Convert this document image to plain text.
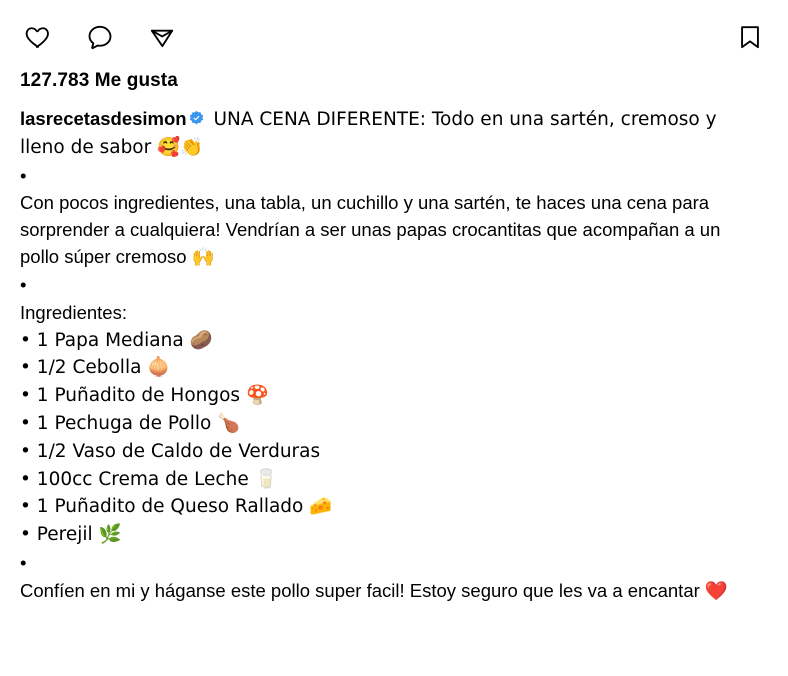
127.783 Me gusta

lasrecetasdesimon
UNA CENA DIFERENTE: Todo en una sartén, cremoso y lleno de sabor 🥰👏

•

Con pocos ingredientes, una tabla, un cuchillo y una sartén, te haces una cena para sorprender a cualquiera! Vendrían a ser unas papas crocantitas que acompañan a un pollo súper cremoso 🙌

•

Ingredientes:

• 1 Papa Mediana 🥔

• 1/2 Cebolla 🧅

• 1 Puñadito de Hongos 🍄

• 1 Pechuga de Pollo 🍗

• 1/2 Vaso de Caldo de Verduras

• 100cc Crema de Leche 🥛

• 1 Puñadito de Queso Rallado 🧀

• Perejil 🌿

•

Confíen en mi y háganse este pollo super facil! Estoy seguro que les va a encantar ❤️
